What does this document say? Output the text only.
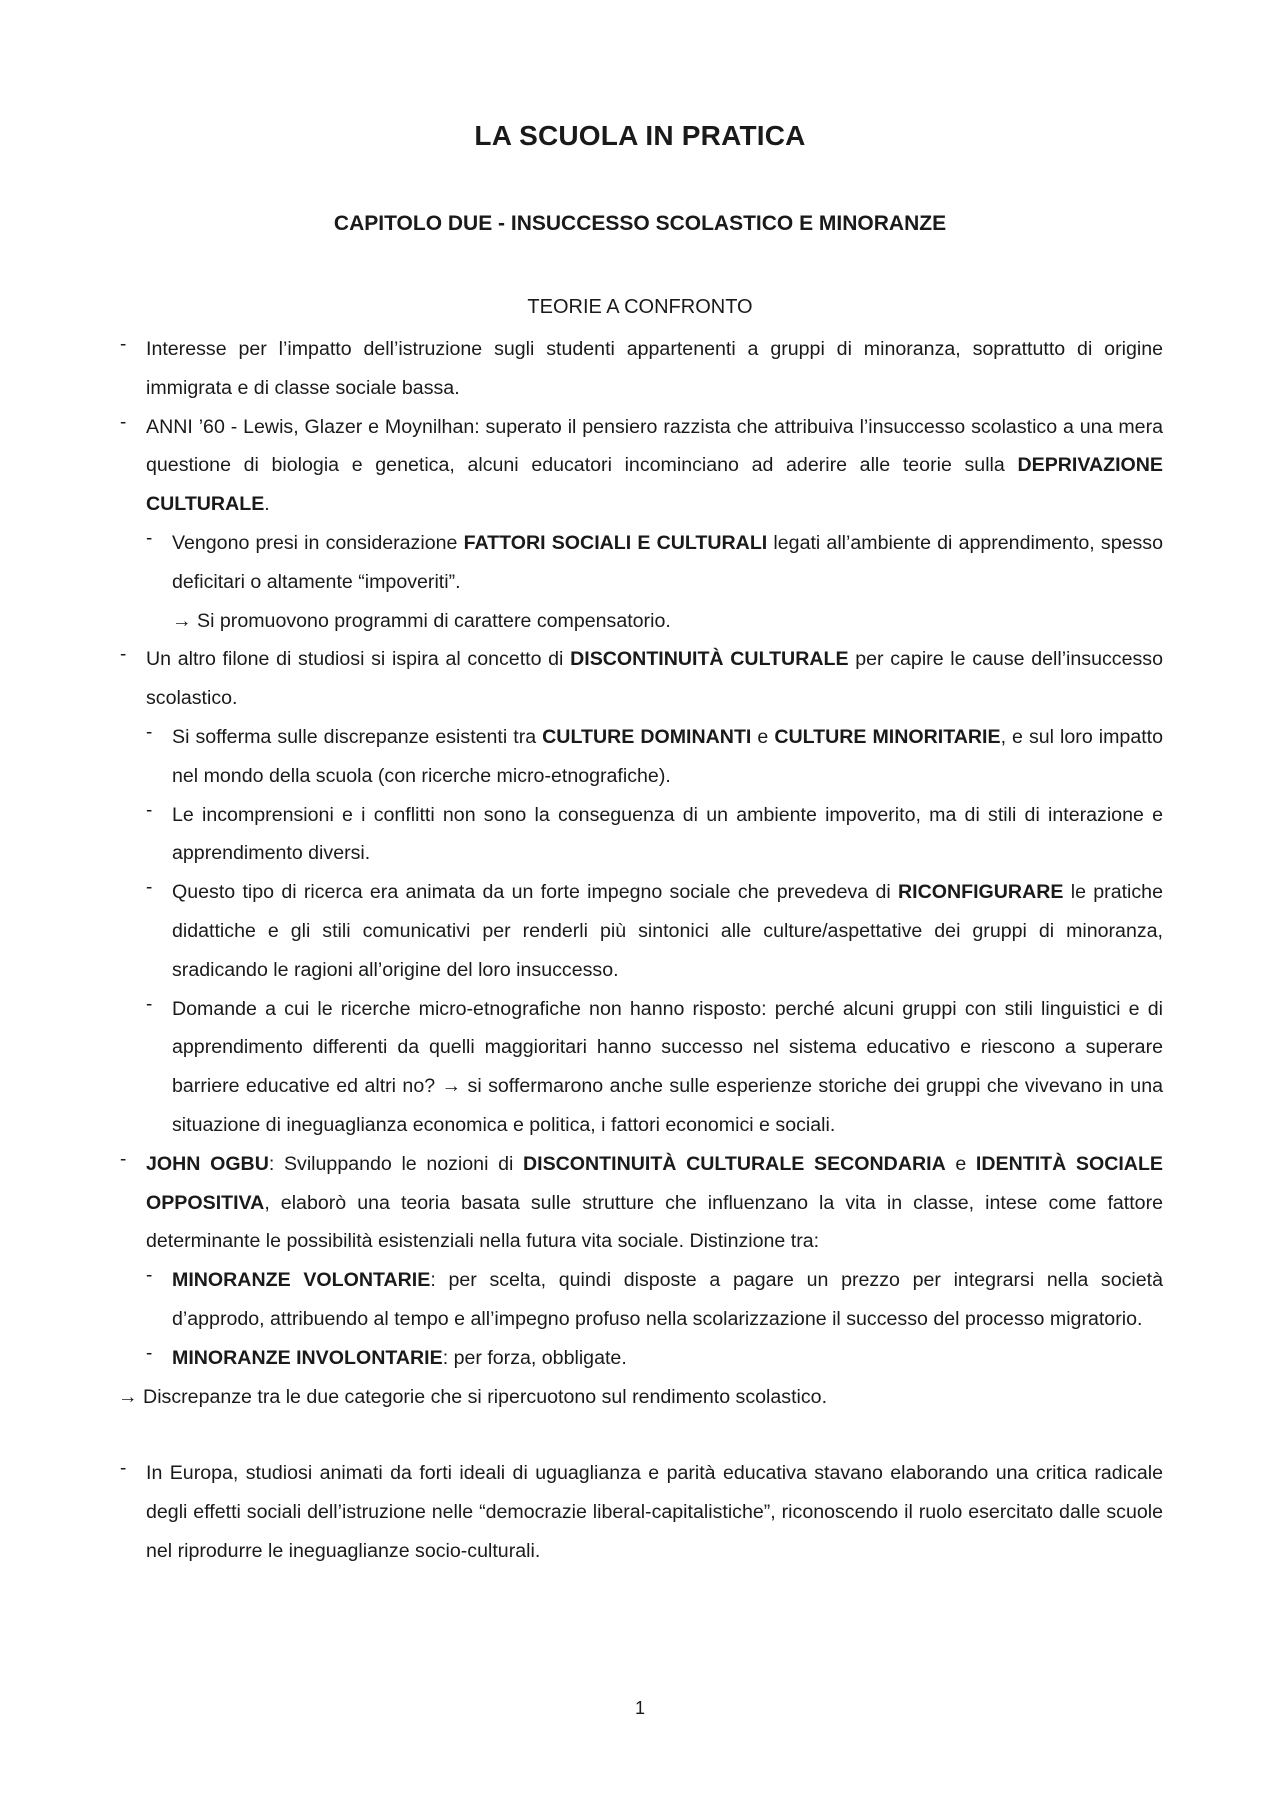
LA SCUOLA IN PRATICA
CAPITOLO DUE - INSUCCESSO SCOLASTICO E MINORANZE
TEORIE A CONFRONTO
- Interesse per l’impatto dell’istruzione sugli studenti appartenenti a gruppi di minoranza, soprattutto di origine immigrata e di classe sociale bassa.
- ANNI ’60 - Lewis, Glazer e Moynilhan: superato il pensiero razzista che attribuiva l’insuccesso scolastico a una mera questione di biologia e genetica, alcuni educatori incominciano ad aderire alle teorie sulla DEPRIVAZIONE CULTURALE.
- Vengono presi in considerazione FATTORI SOCIALI E CULTURALI legati all’ambiente di apprendimento, spesso deficitari o altamente “impoveriti”.
→ Si promuovono programmi di carattere compensatorio.
- Un altro filone di studiosi si ispira al concetto di DISCONTINUITÀ CULTURALE per capire le cause dell’insuccesso scolastico.
- Si sofferma sulle discrepanze esistenti tra CULTURE DOMINANTI e CULTURE MINORITARIE, e sul loro impatto nel mondo della scuola (con ricerche micro-etnografiche).
- Le incomprensioni e i conflitti non sono la conseguenza di un ambiente impoverito, ma di stili di interazione e apprendimento diversi.
- Questo tipo di ricerca era animata da un forte impegno sociale che prevedeva di RICONFIGURARE le pratiche didattiche e gli stili comunicativi per renderli più sintonici alle culture/aspettative dei gruppi di minoranza, sradicando le ragioni all’origine del loro insuccesso.
- Domande a cui le ricerche micro-etnografiche non hanno risposto: perché alcuni gruppi con stili linguistici e di apprendimento differenti da quelli maggioritari hanno successo nel sistema educativo e riescono a superare barriere educative ed altri no? → si soffermarono anche sulle esperienze storiche dei gruppi che vivevano in una situazione di ineguaglianza economica e politica, i fattori economici e sociali.
- JOHN OGBU: Sviluppando le nozioni di DISCONTINUITÀ CULTURALE SECONDARIA e IDENTITÀ SOCIALE OPPOSITIVA, elaborò una teoria basata sulle strutture che influenzano la vita in classe, intese come fattore determinante le possibilità esistenziali nella futura vita sociale. Distinzione tra:
- MINORANZE VOLONTARIE: per scelta, quindi disposte a pagare un prezzo per integrarsi nella società d’approdo, attribuendo al tempo e all’impegno profuso nella scolarizzazione il successo del processo migratorio.
- MINORANZE INVOLONTARIE: per forza, obbligate.
→ Discrepanze tra le due categorie che si ripercuotono sul rendimento scolastico.
- In Europa, studiosi animati da forti ideali di uguaglianza e parità educativa stavano elaborando una critica radicale degli effetti sociali dell’istruzione nelle “democrazie liberal-capitalistiche”, riconoscendo il ruolo esercitato dalle scuole nel riprodurre le ineguaglianze socio-culturali.
1
